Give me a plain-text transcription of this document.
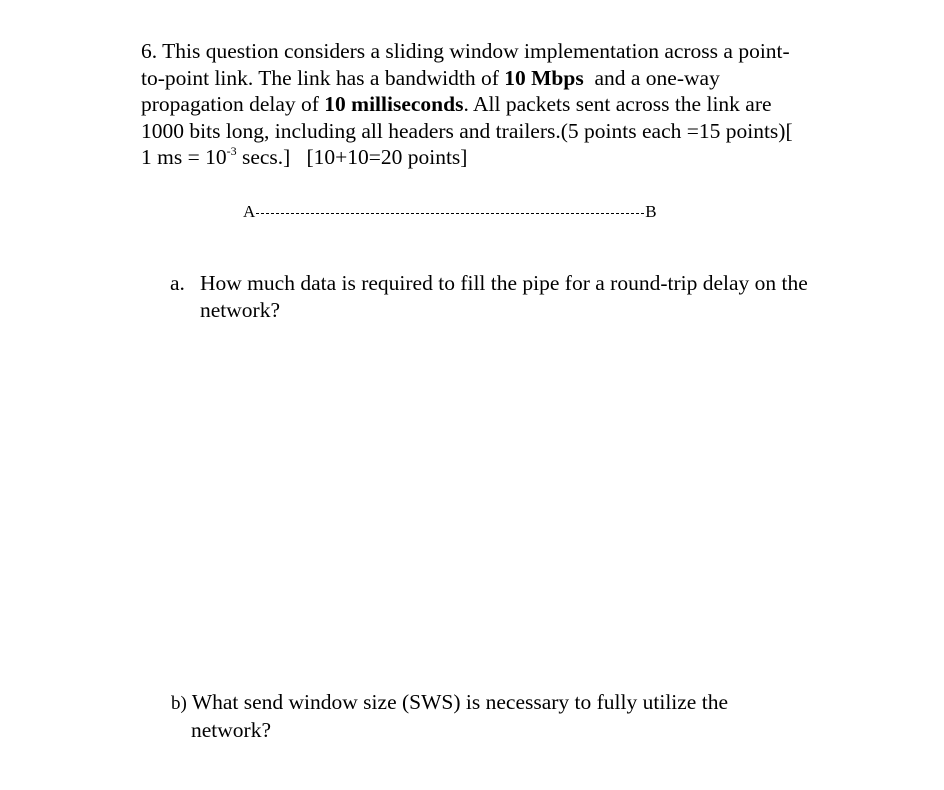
6. This question considers a sliding window implementation across a point-
to-point link. The link has a bandwidth of 10 Mbps  and a one-way
propagation delay of 10 milliseconds. All packets sent across the link are
1000 bits long, including all headers and trailers.(5 points each =15 points)[
1 ms = $10^{-3}$ secs.]   [10+10=20 points]
A	B
a. How much data is required to fill the pipe for a round-trip delay on the
network?
b) What send window size (SWS) is necessary to fully utilize the
network?
